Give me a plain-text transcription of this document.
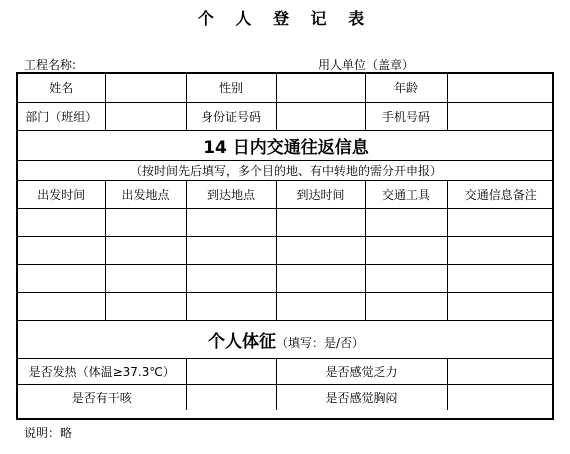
个 人 登 记 表
工程名称:	用人单位（盖章）
姓名		性别		年龄	
部门（班组）		身份证号码		手机号码	
14 日内交通往返信息					
（按时间先后填写，多个目的地、有中转地的需分开申报）					
出发时间	出发地点	到达地点	到达时间	交通工具	交通信息备注

个人体征（填写：是/否）					
是否发热（体温≥37.3℃）			是否感觉乏力		
是否有干咳			是否感觉胸闷		
说明：略
